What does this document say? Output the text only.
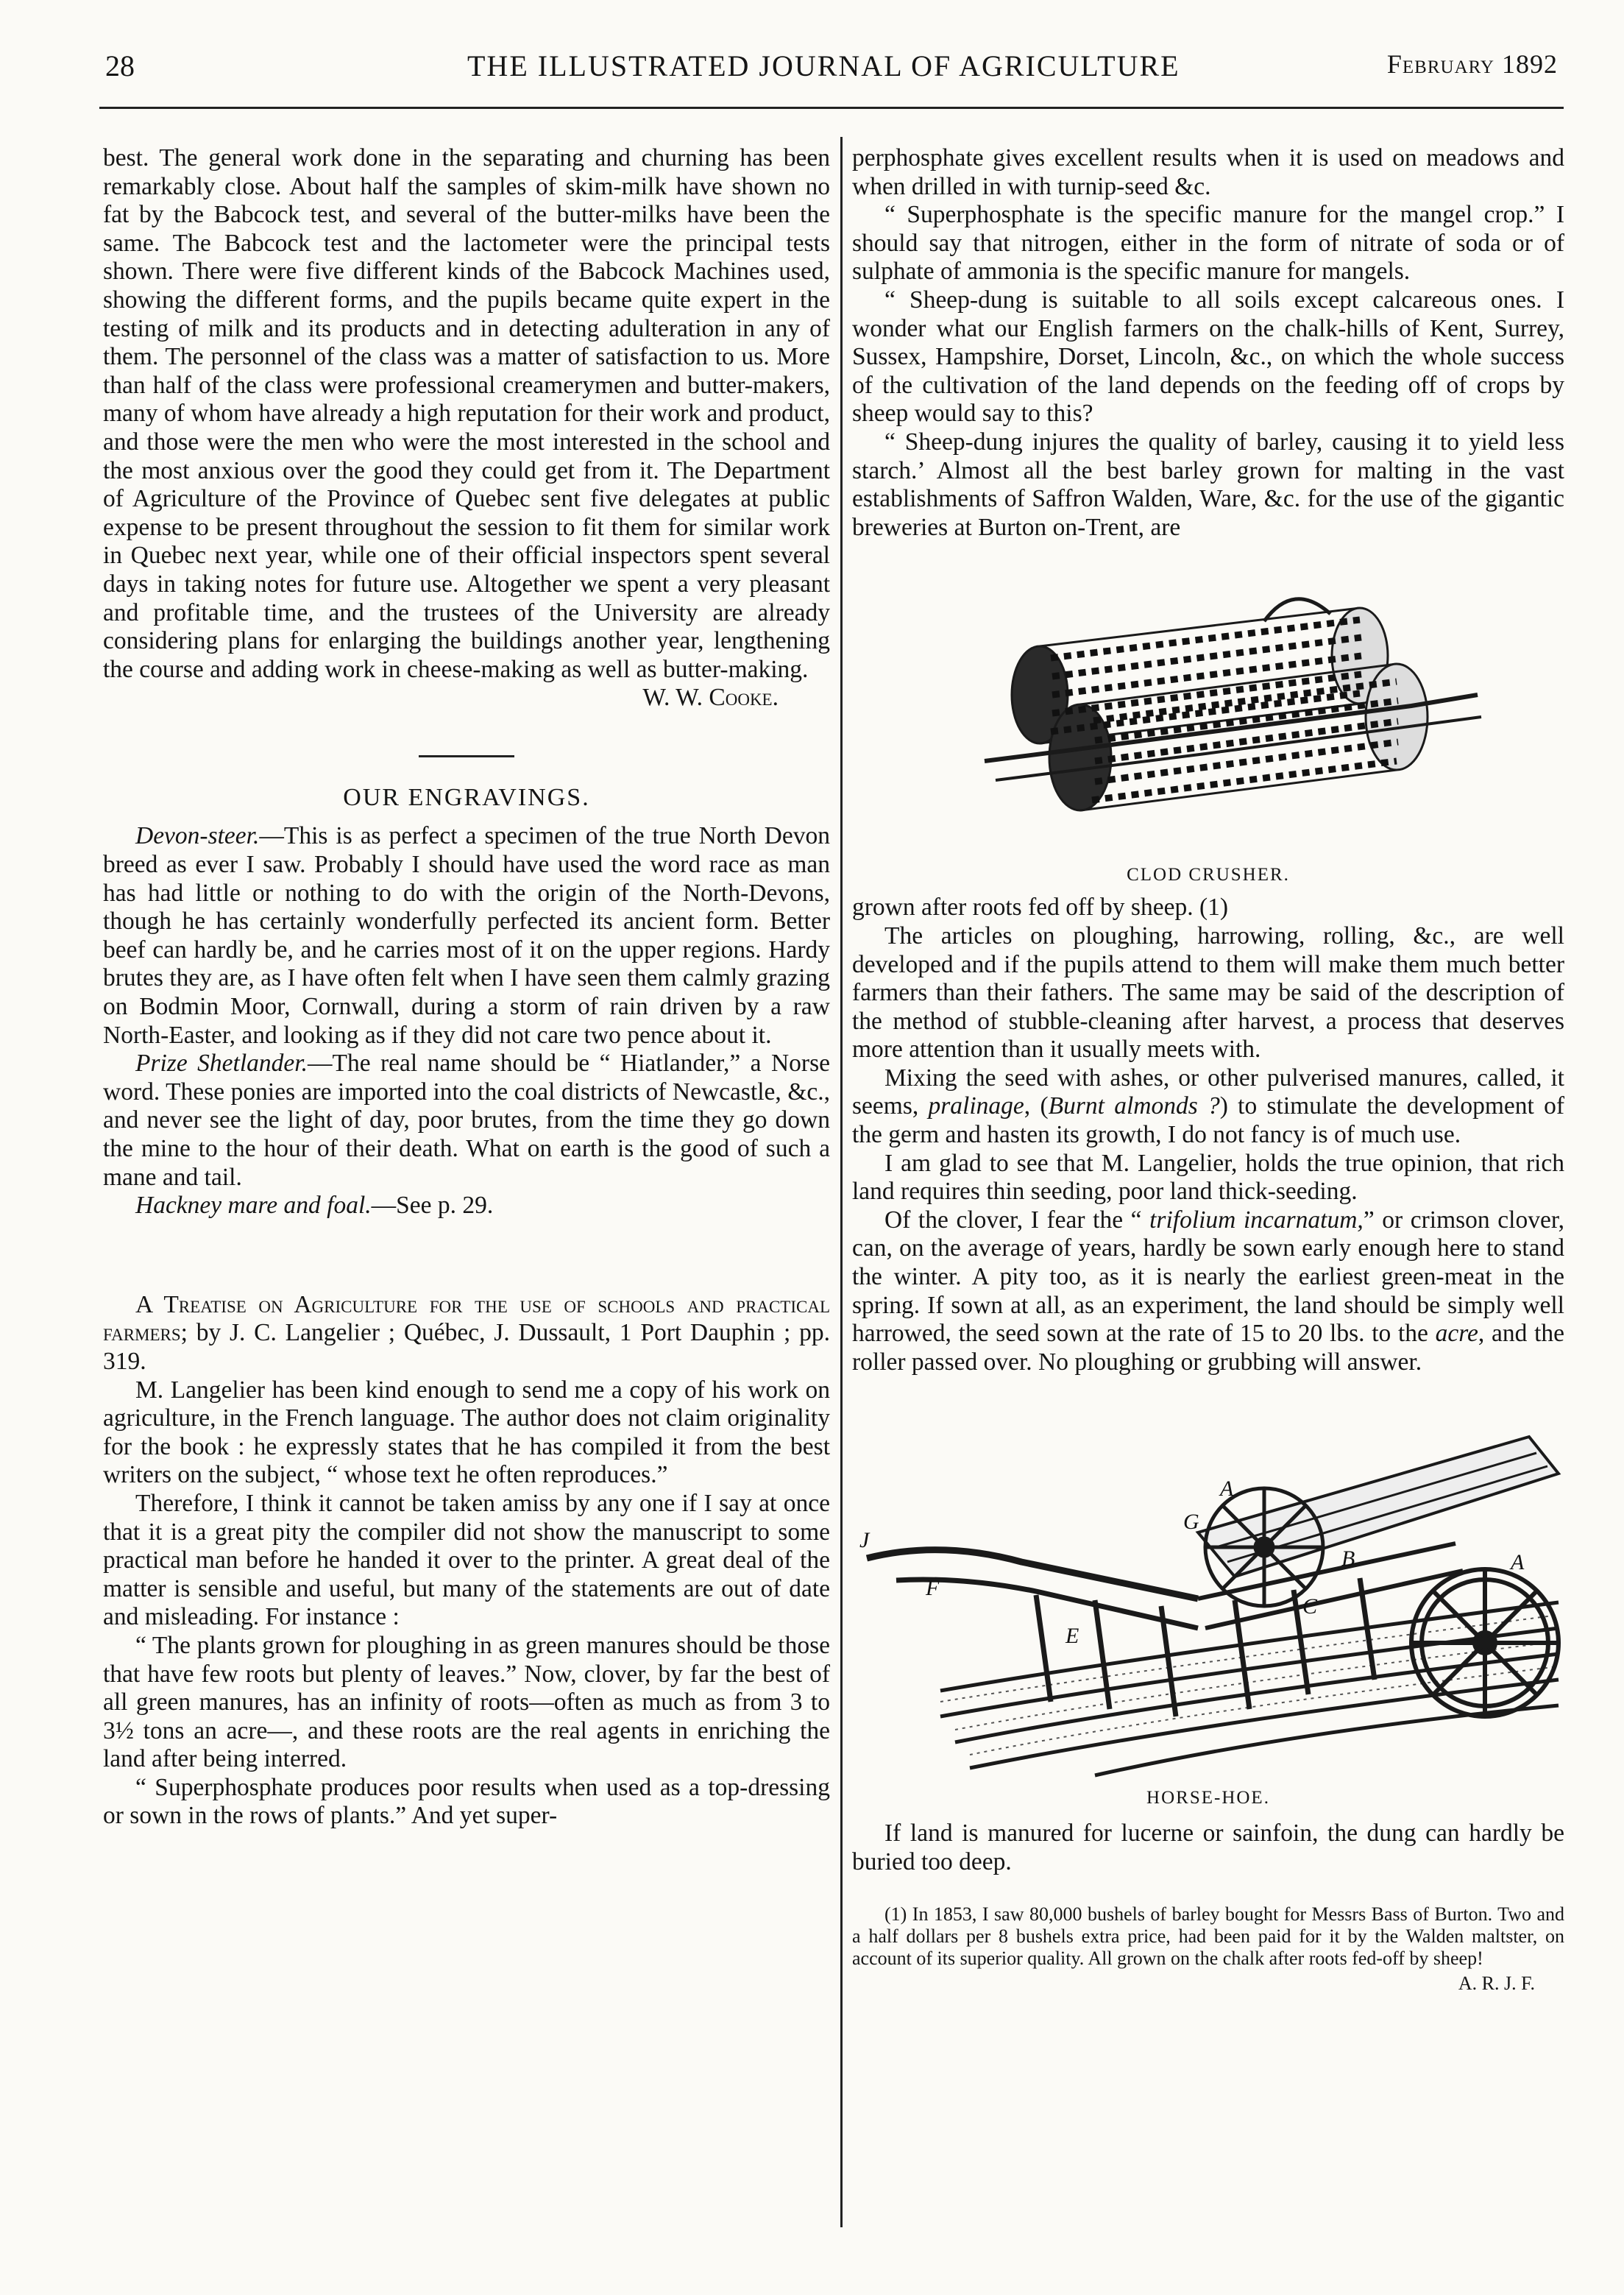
28	THE ILLUSTRATED JOURNAL OF AGRICULTURE	February 1892

best. The general work done in the separating and churning has been remarkably close. About half the samples of skim-milk have shown no fat by the Babcock test, and several of the butter-milks have been the same. The Babcock test and the lactometer were the principal tests shown. There were five different kinds of the Babcock Machines used, showing the different forms, and the pupils became quite expert in the testing of milk and its products and in detecting adulteration in any of them. The personnel of the class was a matter of satisfaction to us. More than half of the class were professional creamerymen and butter-makers, many of whom have already a high reputation for their work and product, and those were the men who were the most interested in the school and the most anxious over the good they could get from it. The Department of Agriculture of the Province of Quebec sent five delegates at public expense to be present throughout the session to fit them for similar work in Quebec next year, while one of their official inspectors spent several days in taking notes for future use. Altogether we spent a very pleasant and profitable time, and the trustees of the University are already considering plans for enlarging the buildings another year, lengthening the course and adding work in cheese-making as well as butter-making.

W. W. Cooke.

OUR ENGRAVINGS.

Devon-steer.—This is as perfect a specimen of the true North Devon breed as ever I saw. Probably I should have used the word race as man has had little or nothing to do with the origin of the North-Devons, though he has certainly wonderfully perfected its ancient form. Better beef can hardly be, and he carries most of it on the upper regions. Hardy brutes they are, as I have often felt when I have seen them calmly grazing on Bodmin Moor, Cornwall, during a storm of rain driven by a raw North-Easter, and looking as if they did not care two pence about it.

Prize Shetlander.—The real name should be “ Hiatlander,” a Norse word. These ponies are imported into the coal districts of Newcastle, &c., and never see the light of day, poor brutes, from the time they go down the mine to the hour of their death. What on earth is the good of such a mane and tail.

Hackney mare and foal.—See p. 29.

A Treatise on Agriculture for the use of schools and practical farmers; by J. C. Langelier ; Québec, J. Dussault, 1 Port Dauphin ; pp. 319.

M. Langelier has been kind enough to send me a copy of his work on agriculture, in the French language. The author does not claim originality for the book : he expressly states that he has compiled it from the best writers on the subject, “ whose text he often reproduces.”

Therefore, I think it cannot be taken amiss by any one if I say at once that it is a great pity the compiler did not show the manuscript to some practical man before he handed it over to the printer. A great deal of the matter is sensible and useful, but many of the statements are out of date and misleading. For instance :

“ The plants grown for ploughing in as green manures should be those that have few roots but plenty of leaves.” Now, clover, by far the best of all green manures, has an infinity of roots—often as much as from 3 to 3½ tons an acre—, and these roots are the real agents in enriching the land after being interred.

“ Superphosphate produces poor results when used as a top-dressing or sown in the rows of plants.” And yet super-

perphosphate gives excellent results when it is used on meadows and when drilled in with turnip-seed &c.

“ Superphosphate is the specific manure for the mangel crop.” I should say that nitrogen, either in the form of nitrate of soda or of sulphate of ammonia is the specific manure for mangels.

“ Sheep-dung is suitable to all soils except calcareous ones. I wonder what our English farmers on the chalk-hills of Kent, Surrey, Sussex, Hampshire, Dorset, Lincoln, &c., on which the whole success of the cultivation of the land depends on the feeding off of crops by sheep would say to this?

“ Sheep-dung injures the quality of barley, causing it to yield less starch.’ Almost all the best barley grown for malting in the vast establishments of Saffron Walden, Ware, &c. for the use of the gigantic breweries at Burton on-Trent, are

CLOD CRUSHER.

grown after roots fed off by sheep. (1)

The articles on ploughing, harrowing, rolling, &c., are well developed and if the pupils attend to them will make them much better farmers than their fathers. The same may be said of the description of the method of stubble-cleaning after harvest, a process that deserves more attention than it usually meets with.

Mixing the seed with ashes, or other pulverised manures, called, it seems, pralinage, (Burnt almonds ?) to stimulate the development of the germ and hasten its growth, I do not fancy is of much use.

I am glad to see that M. Langelier, holds the true opinion, that rich land requires thin seeding, poor land thick-seeding.

Of the clover, I fear the “ trifolium incarnatum,” or crimson clover, can, on the average of years, hardly be sown early enough here to stand the winter. A pity too, as it is nearly the earliest green-meat in the spring. If sown at all, as an experiment, the land should be simply well harrowed, the seed sown at the rate of 15 to 20 lbs. to the acre, and the roller passed over. No ploughing or grubbing will answer.

J
F
G
A
B	A
C
E
HORSE-HOE.

If land is manured for lucerne or sainfoin, the dung can hardly be buried too deep.

(1) In 1853, I saw 80,000 bushels of barley bought for Messrs Bass of Burton. Two and a half dollars per 8 bushels extra price, had been paid for it by the Walden maltster, on account of its superior quality. All grown on the chalk after roots fed-off by sheep!

A. R. J. F.
